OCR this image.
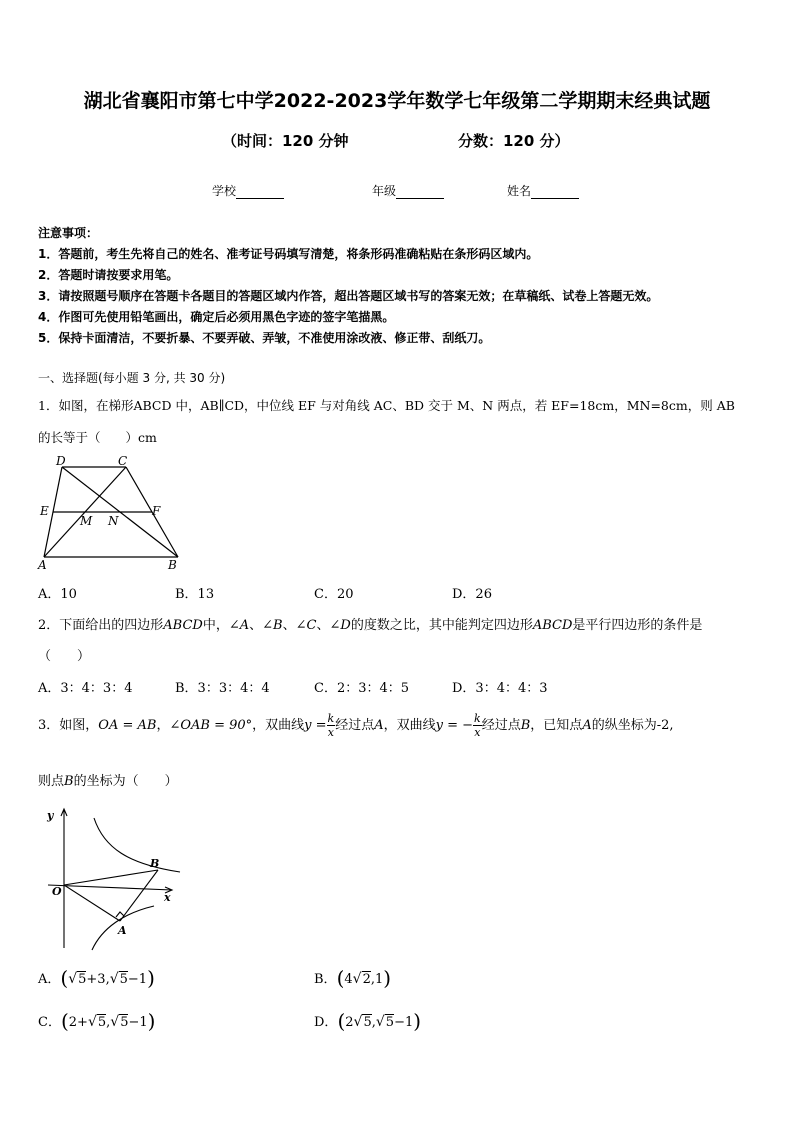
湖北省襄阳市第七中学2022-2023学年数学七年级第二学期期末经典试题
（时间：120 分钟	分数：120 分）
学校	年级	姓名
注意事项：
1．答题前，考生先将自己的姓名、准考证号码填写清楚，将条形码准确粘贴在条形码区域内。
2．答题时请按要求用笔。
3．请按照题号顺序在答题卡各题目的答题区域内作答，超出答题区域书写的答案无效；在草稿纸、试卷上答题无效。
4．作图可先使用铅笔画出，确定后必须用黑色字迹的签字笔描黑。
5．保持卡面清洁，不要折暴、不要弄破、弄皱，不准使用涂改液、修正带、刮纸刀。
一、选择题(每小题 3 分, 共 30 分)
1．如图，在梯形ABCD 中，AB∥CD，中位线 EF 与对角线 AC、BD 交于 M、N 两点，若 EF=18cm，MN=8cm，则 AB
的长等于（　　）cm
D	C
E	F
M N
A	B
A．10	B．13	C．20	D．26
2．下面给出的四边形ABCD中，∠A、∠B、∠C、∠D的度数之比，其中能判定四边形ABCD是平行四边形的条件是
（　　）
A．3：4：3：4	B．3：3：4：4	C．2：3：4：5	D．3：4：4：3
3．如图，OA = AB，∠OAB = 90°，双曲线$y = \frac{k}{x}$ 经过点A，双曲线y = − $\frac{k}{x}$ 经过点B，已知点A的纵坐标为-2,
则点B的坐标为（　　）
y
x
O
A
B
A．(√5+3,√5−1)	B．(4√2,1)
C．(2+√5,√5−1)	D．(2√5,√5−1)
